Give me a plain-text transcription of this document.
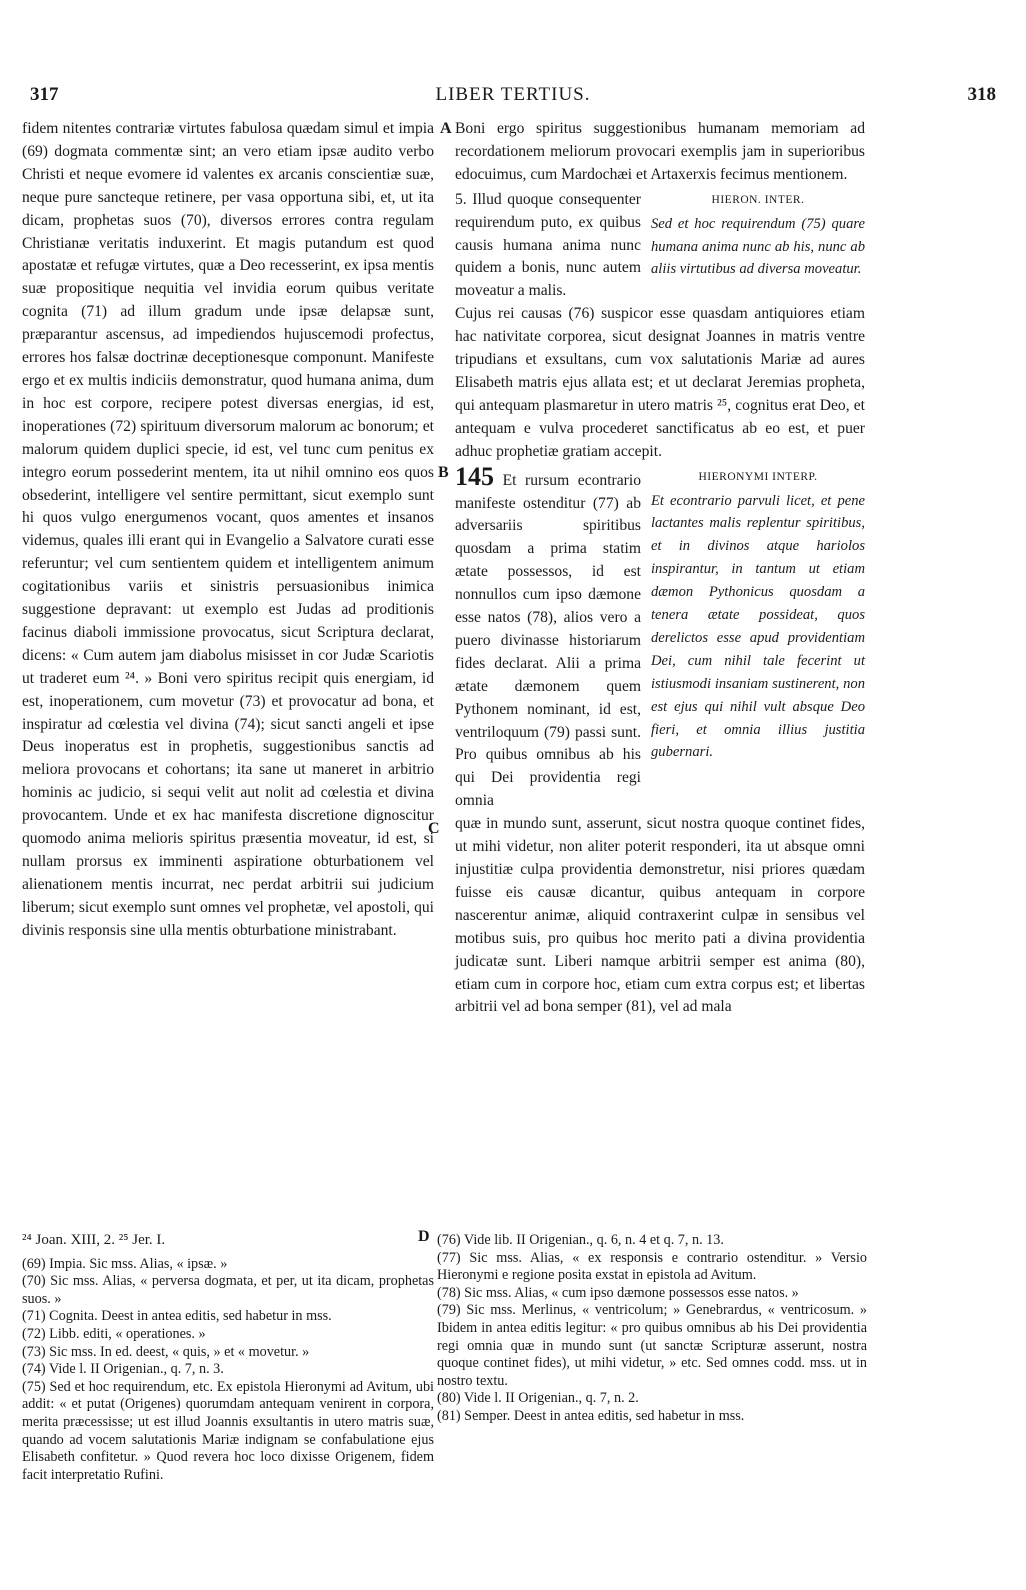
317	LIBER TERTIUS.	318

fidem nitentes contrariæ virtutes fabulosa quædam simul et impia (69) dogmata commentæ sint; an vero etiam ipsæ audito verbo Christi et neque evomere id valentes ex arcanis conscientiæ suæ, neque pure sancteque retinere, per vasa opportuna sibi, et, ut ita dicam, prophetas suos (70), diversos errores contra regulam Christianæ veritatis induxerint. Et magis putandum est quod apostatæ et refugæ virtutes, quæ a Deo recesserint, ex ipsa mentis suæ propositique nequitia vel invidia eorum quibus veritate cognita (71) ad illum gradum unde ipsæ delapsæ sunt, præparantur ascensus, ad impediendos hujuscemodi profectus, errores hos falsæ doctrinæ deceptionesque componunt. Manifeste ergo et ex multis indiciis demonstratur, quod humana anima, dum in hoc est corpore, recipere potest diversas energias, id est, inoperationes (72) spirituum diversorum malorum ac bonorum; et malorum quidem duplici specie, id est, vel tunc cum penitus ex integro eorum possederint mentem, ita ut nihil omnino eos quos obsederint, intelligere vel sentire permittant, sicut exemplo sunt hi quos vulgo energumenos vocant, quos amentes et insanos videmus, quales illi erant qui in Evangelio a Salvatore curati esse referuntur; vel cum sentientem quidem et intelligentem animum cogitationibus variis et sinistris persuasionibus inimica suggestione depravant: ut exemplo est Judas ad proditionis facinus diaboli immissione provocatus, sicut Scriptura declarat, dicens: « Cum autem jam diabolus misisset in cor Judæ Scariotis ut traderet eum ²⁴. » Boni vero spiritus recipit quis energiam, id est, inoperationem, cum movetur (73) et provocatur ad bona, et inspiratur ad cœlestia vel divina (74); sicut sancti angeli et ipse Deus inoperatus est in prophetis, suggestionibus sanctis ad meliora provocans et cohortans; ita sane ut maneret in arbitrio hominis ac judicio, si sequi velit aut nolit ad cœlestia et divina provocantem. Unde et ex hac manifesta discretione dignoscitur quomodo anima melioris spiritus præsentia moveatur, id est, si nullam prorsus ex imminenti aspiratione obturbationem vel alienationem mentis incurrat, nec perdat arbitrii sui judicium liberum; sicut exemplo sunt omnes vel prophetæ, vel apostoli, qui divinis responsis sine ulla mentis obturbatione ministrabant.

A
B
C

Boni ergo spiritus suggestionibus humanam memoriam ad recordationem meliorum provocari exemplis jam in superioribus edocuimus, cum Mardochæi et Artaxerxis fecimus mentionem.

5. Illud quoque consequenter requirendum puto, ex quibus causis humana anima nunc quidem a bonis, nunc autem moveatur a malis.
HIERON. INTER.
Sed et hoc requirendum (75) quare humana anima nunc ab his, nunc ab aliis virtutibus ad diversa moveatur.

Cujus rei causas (76) suspicor esse quasdam antiquiores etiam hac nativitate corporea, sicut designat Joannes in matris ventre tripudians et exsultans, cum vox salutationis Mariæ ad aures Elisabeth matris ejus allata est; et ut declarat Jeremias propheta, qui antequam plasmaretur in utero matris ²⁵, cognitus erat Deo, et antequam e vulva procederet sanctificatus ab eo est, et puer adhuc prophetiæ gratiam accepit.

145 Et rursum econtrario manifeste ostenditur (77) ab adversariis spiritibus quosdam a prima statim ætate possessos, id est nonnullos cum ipso dæmone esse natos (78), alios vero a puero divinasse historiarum fides declarat. Alii a prima ætate dæmonem quem Pythonem nominant, id est, ventriloquum (79) passi sunt. Pro quibus omnibus ab his qui Dei providentia regi omnia
HIERONYMI INTERP.
Et econtrario parvuli licet, et pene lactantes malis replentur spiritibus, et in divinos atque hariolos inspirantur, in tantum ut etiam dæmon Pythonicus quosdam a tenera ætate possideat, quos derelictos esse apud providentiam Dei, cum nihil tale fecerint ut istiusmodi insaniam sustinerent, non est ejus qui nihil vult absque Deo fieri, et omnia illius justitia gubernari.

quæ in mundo sunt, asserunt, sicut nostra quoque continet fides, ut mihi videtur, non aliter poterit responderi, ita ut absque omni injustitiæ culpa providentia demonstretur, nisi priores quædam fuisse eis causæ dicantur, quibus antequam in corpore nascerentur animæ, aliquid contraxerint culpæ in sensibus vel motibus suis, pro quibus hoc merito pati a divina providentia judicatæ sunt. Liberi namque arbitrii semper est anima (80), etiam cum in corpore hoc, etiam cum extra corpus est; et libertas arbitrii vel ad bona semper (81), vel ad mala

D

²⁴ Joan. XIII, 2. ²⁵ Jer. I.

(69) Impia. Sic mss. Alias, « ipsæ. »

(70) Sic mss. Alias, « perversa dogmata, et per, ut ita dicam, prophetas suos. »

(71) Cognita. Deest in antea editis, sed habetur in mss.

(72) Libb. editi, « operationes. »

(73) Sic mss. In ed. deest, « quis, » et « movetur. »

(74) Vide l. II Origenian., q. 7, n. 3.

(75) Sed et hoc requirendum, etc. Ex epistola Hieronymi ad Avitum, ubi addit: « et putat (Origenes) quorumdam antequam venirent in corpora, merita præcessisse; ut est illud Joannis exsultantis in utero matris suæ, quando ad vocem salutationis Mariæ indignam se confabulatione ejus Elisabeth confitetur. » Quod revera hoc loco dixisse Origenem, fidem facit interpretatio Rufini.

(76) Vide lib. II Origenian., q. 6, n. 4 et q. 7, n. 13.

(77) Sic mss. Alias, « ex responsis e contrario ostenditur. » Versio Hieronymi e regione posita exstat in epistola ad Avitum.

(78) Sic mss. Alias, « cum ipso dæmone possessos esse natos. »

(79) Sic mss. Merlinus, « ventricolum; » Genebrardus, « ventricosum. » Ibidem in antea editis legitur: « pro quibus omnibus ab his Dei providentia regi omnia quæ in mundo sunt (ut sanctæ Scripturæ asserunt, nostra quoque continet fides), ut mihi videtur, » etc. Sed omnes codd. mss. ut in nostro textu.

(80) Vide l. II Origenian., q. 7, n. 2.

(81) Semper. Deest in antea editis, sed habetur in mss.
